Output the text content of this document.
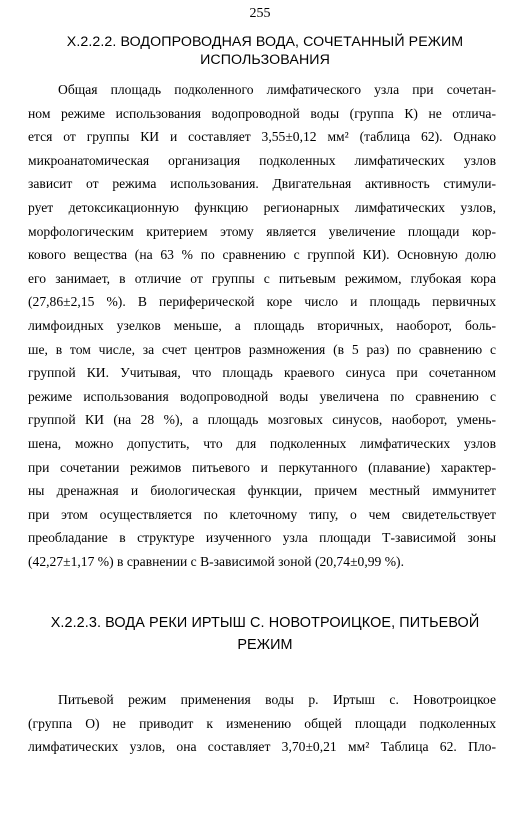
255
X.2.2.2. ВОДОПРОВОДНАЯ ВОДА, СОЧЕТАННЫЙ РЕЖИМ
ИСПОЛЬЗОВАНИЯ
Общая площадь подколенного лимфатического узла при сочетан-
ном режиме использования водопроводной воды (группа К) не отлича-
ется от группы КИ и составляет 3,55±0,12 мм² (таблица 62). Однако
микроанатомическая организация подколенных лимфатических узлов
зависит от режима использования. Двигательная активность стимули-
рует детоксикационную функцию регионарных лимфатических узлов,
морфологическим критерием этому является увеличение площади кор-
кового вещества (на 63 % по сравнению с группой КИ). Основную долю
его занимает, в отличие от группы с питьевым режимом, глубокая кора
(27,86±2,15 %). В периферической коре число и площадь первичных
лимфоидных узелков меньше, а площадь вторичных, наоборот, боль-
ше, в том числе, за счет центров размножения (в 5 раз) по сравнению с
группой КИ. Учитывая, что площадь краевого синуса при сочетанном
режиме использования водопроводной воды увеличена по сравнению с
группой КИ (на 28 %), а площадь мозговых синусов, наоборот, умень-
шена, можно допустить, что для подколенных лимфатических узлов
при сочетании режимов питьевого и перкутанного (плавание) характер-
ны дренажная и биологическая функции, причем местный иммунитет
при этом осуществляется по клеточному типу, о чем свидетельствует
преобладание в структуре изученного узла площади Т-зависимой зоны
(42,27±1,17 %) в сравнении с В-зависимой зоной (20,74±0,99 %).
X.2.2.3. ВОДА РЕКИ ИРТЫШ С. НОВОТРОИЦКОЕ, ПИТЬЕВОЙ
РЕЖИМ
Питьевой режим применения воды р. Иртыш с. Новотроицкое
(группа О) не приводит к изменению общей площади подколенных
лимфатических узлов, она составляет 3,70±0,21 мм² Таблица 62. Пло-
